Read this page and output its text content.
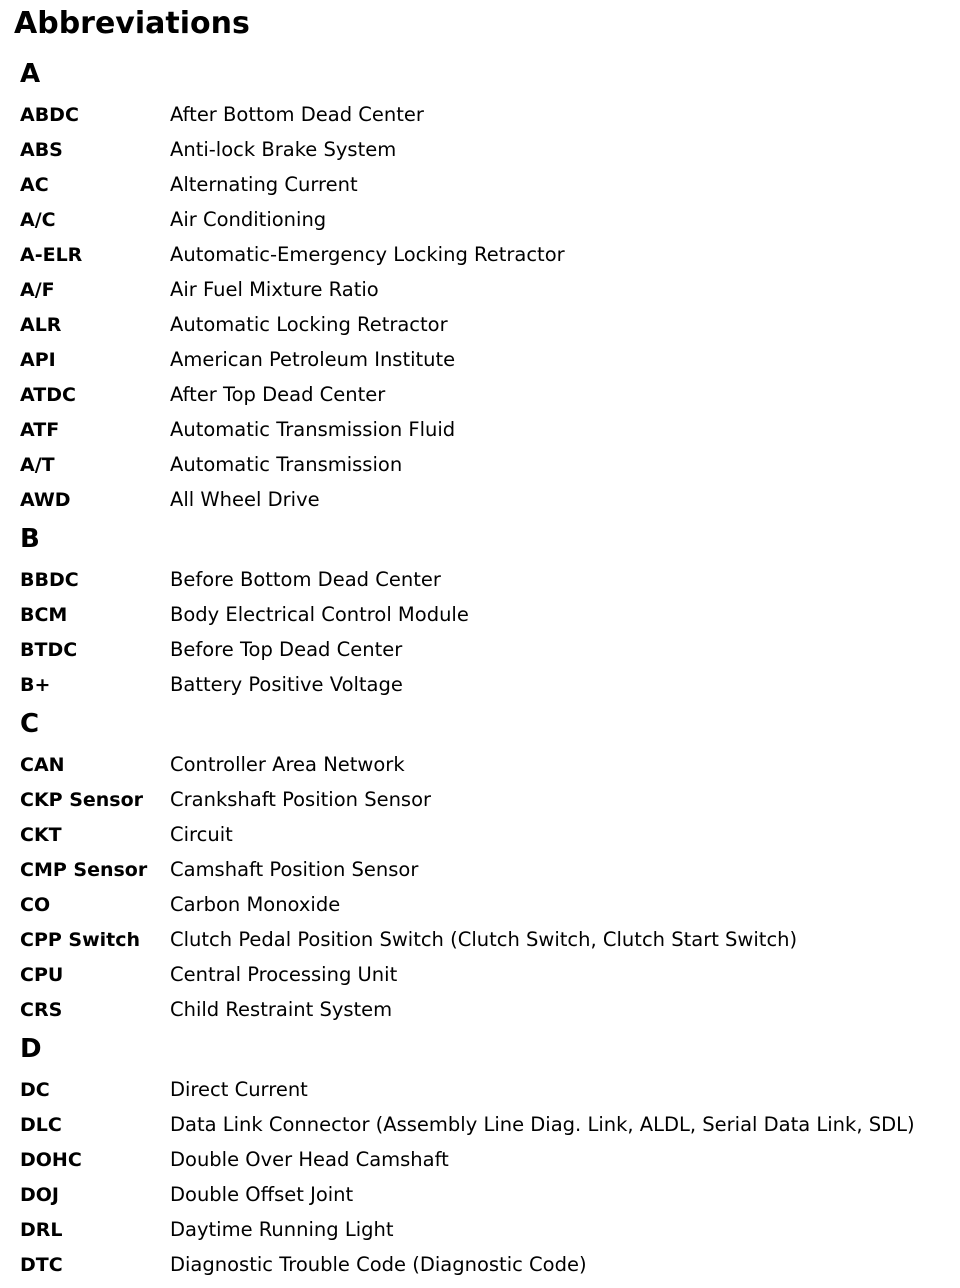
Abbreviations
A
ABDC	After Bottom Dead Center
ABS	Anti-lock Brake System
AC	Alternating Current
A/C	Air Conditioning
A-ELR	Automatic-Emergency Locking Retractor
A/F	Air Fuel Mixture Ratio
ALR	Automatic Locking Retractor
API	American Petroleum Institute
ATDC	After Top Dead Center
ATF	Automatic Transmission Fluid
A/T	Automatic Transmission
AWD	All Wheel Drive
B
BBDC	Before Bottom Dead Center
BCM	Body Electrical Control Module
BTDC	Before Top Dead Center
B+	Battery Positive Voltage
C
CAN	Controller Area Network
CKP Sensor	Crankshaft Position Sensor
CKT	Circuit
CMP Sensor	Camshaft Position Sensor
CO	Carbon Monoxide
CPP Switch	Clutch Pedal Position Switch (Clutch Switch, Clutch Start Switch)
CPU	Central Processing Unit
CRS	Child Restraint System
D
DC	Direct Current
DLC	Data Link Connector (Assembly Line Diag. Link, ALDL, Serial Data Link, SDL)
DOHC	Double Over Head Camshaft
DOJ	Double Offset Joint
DRL	Daytime Running Light
DTC	Diagnostic Trouble Code (Diagnostic Code)
